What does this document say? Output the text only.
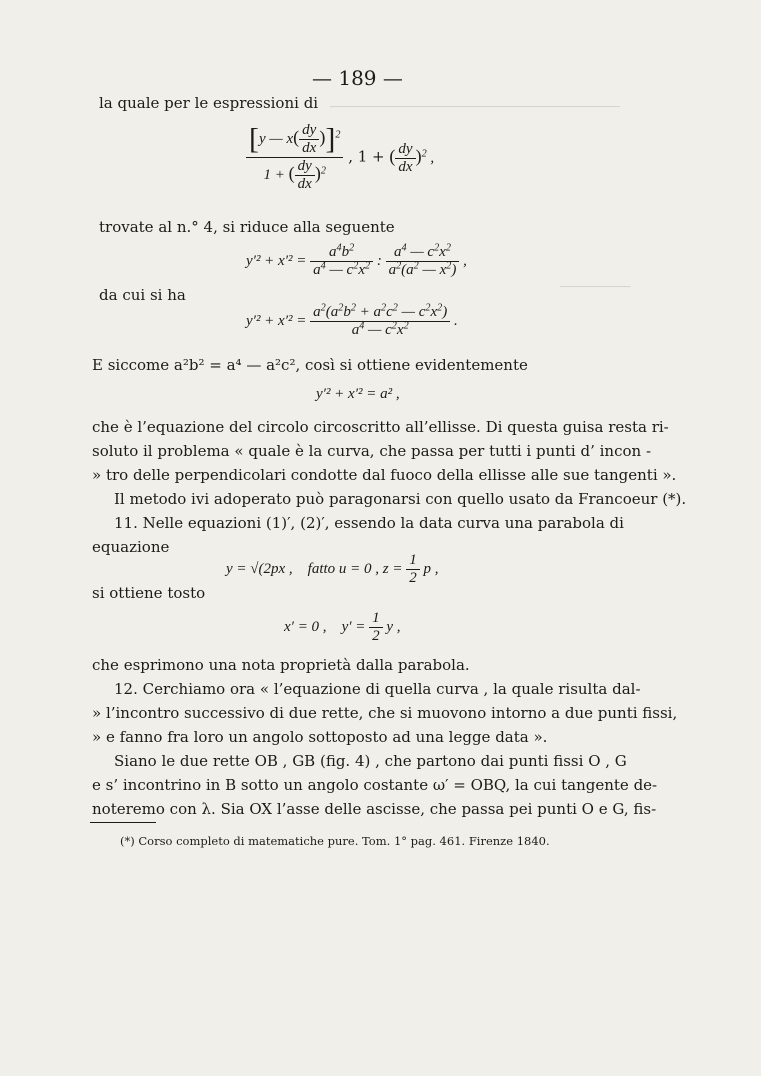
─────────────────────────────────────
─────────
— 189 —
la quale per le espressioni di
$\frac{[y — x( \frac{dy}{dx} )]^2}{1 + ( \frac{dy}{dx} )^2}$ , 1 + ( $\frac{dy}{dx} )^2$ ,
trovate al n.° 4, si riduce alla seguente
$y'^2 + x'^2 = \frac{a^4b^2}{a^4 — c^2x^2}$ : $\frac{a^4 — c^2x^2}{a^2(a^2 — x^2)}$ ,
da cui si ha
$y'^2 + x'^2 = \frac{a^2(a^2b^2 + a^2c^2 — c^2x^2)}{a^4 — c^2x^2}$ .
E siccome a²b² = a⁴ — a²c², così si ottiene evidentemente
y′² + x′² = a² ,
che è l’equazione del circolo circoscritto all’ellisse. Di questa guisa resta ri-
soluto il problema « quale è la curva, che passa per tutti i punti d’ incon -
» tro delle perpendicolari condotte dal fuoco della ellisse alle sue tangenti ».
Il metodo ivi adoperato può paragonarsi con quello usato da Francoeur (*).
11. Nelle equazioni (1)′, (2)′, essendo la data curva una parabola di
equazione
y = √(2px , fatto u = 0 , $z = \frac{1}{2}$ p ,
si ottiene tosto
x′ = 0 , $y' = \frac{1}{2}$ y ,
che esprimono una nota proprietà dalla parabola.
12. Cerchiamo ora « l’equazione di quella curva , la quale risulta dal-
» l’incontro successivo di due rette, che si muovono intorno a due punti fissi,
» e fanno fra loro un angolo sottoposto ad una legge data ».
Siano le due rette OB , GB (fig. 4) , che partono dai punti fissi O , G
e s’ incontrino in B sotto un angolo costante ω′ = OBQ, la cui tangente de-
noteremo con λ. Sia OX l’asse delle ascisse, che passa pei punti O e G, fis-
(*) Corso completo di matematiche pure. Tom. 1° pag. 461. Firenze 1840.
